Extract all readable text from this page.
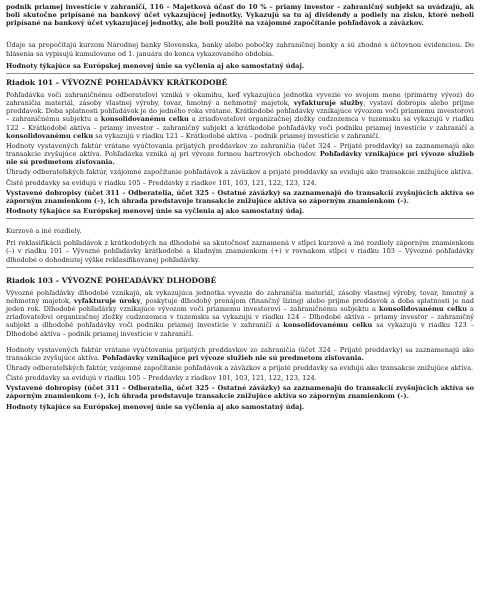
podnik priamej investície v zahraničí, 116 – Majetková účasť do 10 % – priamy investor – zahraničný subjekt sa uvádzajú, ak boli skutočne pripísané na bankový účet vykazujúcej jednotky. Vykazujú sa tu aj dividendy a podiely na zisku, ktoré neboli pripísané na bankový účet vykazujúcej jednotky, ale boli použité na vzájomné započítanie pohľadávok a záväzkov.

Údaje sa prepočítajú kurzom Národnej banky Slovenska, banky alebo pobočky zahraničnej banky a sú zhodné s účtovnou evidenciou. Do hlásenia sa vypisujú kumulovane od 1. januára do konca vykazovaného obdobia.

Hodnoty týkajúce sa Európskej menovej únie sa vyčlenia aj ako samostatný údaj.

Riadok 101 – VÝVOZNÉ POHĽADÁVKY KRÁTKODOBÉ

Pohľadávka voči zahraničnému odberateľovi vzniká v okamihu, keď vykazujúca jednotka vyvezie vo svojom mene (primárny vývoz) do zahraničia materiál, zásoby vlastnej výroby, tovar, hmotný a nehmotný majetok, vyfakturuje služby, vystaví dobropis alebo prijme preddavok. Doba splatnosti pohľadávok je do jedného roka vrátane. Krátkodobé pohľadávky vznikajúce vývozom voči priamemu investorovi – zahraničnému subjektu a konsolidovanému celku a zriaďovateľovi organizačnej zložky cudzozemca v tuzemsku sa vykazujú v riadku 122 – Krátkodobé aktíva – priamy investor – zahraničný subjekt a krátkodobé pohľadávky voči podniku priamej investície v zahraničí a konsolidovanému celku sa vykazujú v riadku 121 – Krátkodobé aktíva – podnik priamej investície v zahraničí.

Hodnoty vystavených faktúr vrátane vyúčtovania prijatých preddavkov zo zahraničia (účet 324 – Prijaté preddavky) sa zaznamenajú ako transakcie zvyšujúce aktíva. Pohľadávka vzniká aj pri vývoze formou bartrových obchodov. Pohľadávky vznikajúce pri vývoze služieb nie sú predmetom zisťovania.

Úhrady odberateľských faktúr, vzájomné započítanie pohľadávok a záväzkov a prijaté preddavky sa evidujú ako transakcie znižujúce aktíva.

Čisté preddavky sa evidujú v riadku 105 – Preddavky z riadkov 101, 103, 121, 122, 123, 124.

Vystavené dobropisy (účet 311 – Odberatelia, účet 325 – Ostatné záväzky) sa zaznamenajú do transakcií zvyšujúcich aktíva so záporným znamienkom (–), ich úhrada predstavuje transakcie znižujúce aktíva so záporným znamienkom (–).

Hodnoty týkajúce sa Európskej menovej únie sa vyčlenia aj ako samostatný údaj.

Kurzové a iné rozdiely.

Pri reklasifikácii pohľadávok z krátkodobých na dlhodobé sa skutočnosť zaznamená v stĺpci kurzové a iné rozdiely záporným znamienkom (–) v riadku 101 – Vývozné pohľadávky krátkodobé a kladným znamienkom (+) v rovnakom stĺpci v riadku 103 – Vývozné pohľadávky dlhodobé o dohodnutej výške reklasifikovanej pohľadávky.

Riadok 103 – VÝVOZNÉ POHĽADÁVKY DLHODOBÉ

Vývozné pohľadávky dlhodobé vznikajú, ak vykazujúca jednotka vyvezie do zahraničia materiál, zásoby vlastnej výroby, tovar, hmotný a nehmotný majetok, vyfakturuje úroky, poskytuje dlhodobý prenájom (finančný lízing) alebo prijme preddavok a doba splatnosti je nad jeden rok. Dlhodobé pohľadávky vznikajúce vývozom voči priamemu investorovi – zahraničnému subjektu a konsolidovanému celku a zriaďovateľovi organizačnej zložky cudzozemca v tuzemsku sa vykazujú v riadku 124 – Dlhodobé aktíva – priamy investor – zahraničný subjekt a dlhodobé pohľadávky voči podniku priamej investície v zahraničí a konsolidovanému celku sa vykazujú v riadku 123 – Dlhodobé aktíva – podnik priamej investície v zahraničí.

Hodnoty vystavených faktúr vrátane vyúčtovania prijatých preddavkov zo zahraničia (účet 324 – Prijaté preddavky) sa zaznamenajú ako transakcie zvyšujúce aktíva. Pohľadávky vznikajúce pri vývoze služieb nie sú predmetom zisťovania.

Úhrady odberateľských faktúr, vzájomné započítanie pohľadávok a záväzkov a prijaté preddavky sa evidujú ako transakcie znižujúce aktíva.

Čisté preddavky sa evidujú v riadku 105 – Preddavky z riadkov 101, 103, 121, 122, 123, 124.

Vystavené dobropisy (účet 311 – Odberatelia, účet 325 – Ostatné záväzky) sa zaznamenajú do transakcií zvyšujúcich aktíva so záporným znamienkom (–), ich úhrada predstavuje transakcie znižujúce aktíva so záporným znamienkom (–).

Hodnoty týkajúce sa Európskej menovej únie sa vyčlenia aj ako samostatný údaj.
